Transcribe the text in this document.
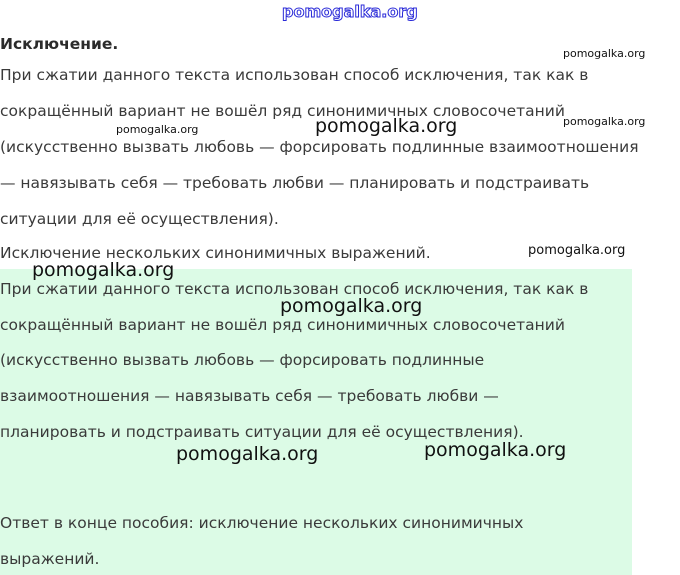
pomogalka.org
Исключение.
При сжатии данного текста использован способ исключения, так как в
сокращённый вариант не вошёл ряд синонимичных словосочетаний
(искусственно вызвать любовь — форсировать подлинные взаимоотношения
— навязывать себя — требовать любви — планировать и подстраивать
ситуации для её осуществления).
Исключение нескольких синонимичных выражений.
При сжатии данного текста использован способ исключения, так как в
сокращённый вариант не вошёл ряд синонимичных словосочетаний
(искусственно вызвать любовь — форсировать подлинные
взаимоотношения — навязывать себя — требовать любви —
планировать и подстраивать ситуации для её осуществления).
Ответ в конце пособия: исключение нескольких синонимичных
выражений.
pomogalka.org
pomogalka.org
pomogalka.org
pomogalka.org
pomogalka.org
pomogalka.org
pomogalka.org
pomogalka.org	pomogalka.org
